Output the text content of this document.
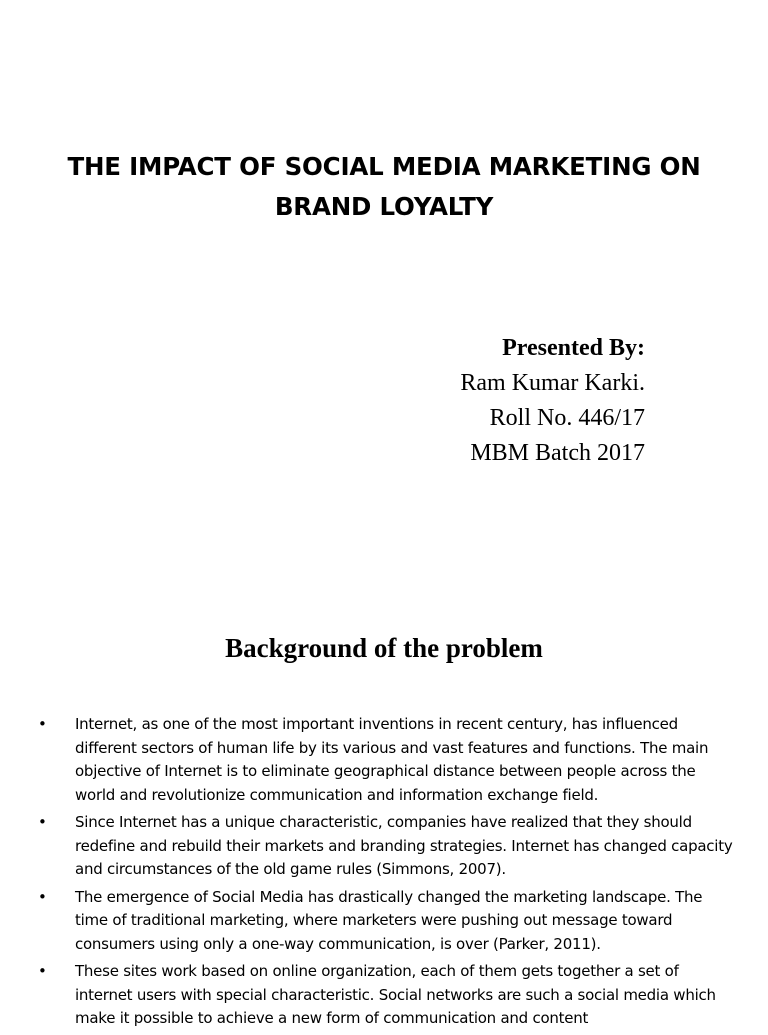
THE IMPACT OF SOCIAL MEDIA MARKETING ON BRAND LOYALTY
Presented By:
Ram Kumar Karki.
Roll No. 446/17
MBM Batch 2017
Background of the problem
• Internet, as one of the most important inventions in recent century, has influenced different sectors of human life by its various and vast features and functions. The main objective of Internet is to eliminate geographical distance between people across the world and revolutionize communication and information exchange field.
• Since Internet has a unique characteristic, companies have realized that they should redefine and rebuild their markets and branding strategies. Internet has changed capacity and circumstances of the old game rules (Simmons, 2007).
• The emergence of Social Media has drastically changed the marketing landscape. The time of traditional marketing, where marketers were pushing out message toward consumers using only a one-way communication, is over (Parker, 2011).
• These sites work based on online organization, each of them gets together a set of internet users with special characteristic. Social networks are such a social media which make it possible to achieve a new form of communication and content
